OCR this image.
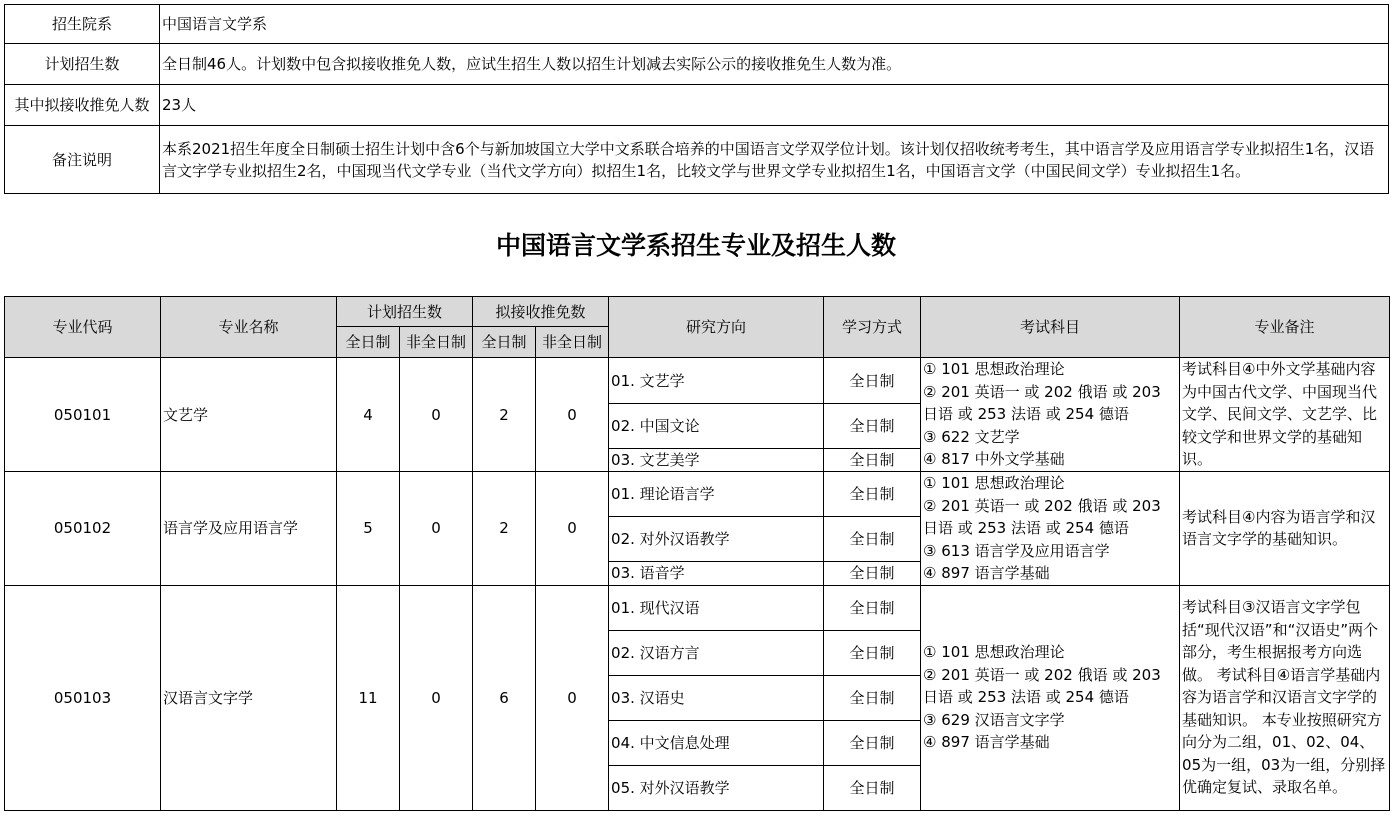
招生院系	中国语言文学系
计划招生数	全日制46人。计划数中包含拟接收推免人数，应试生招生人数以招生计划减去实际公示的接收推免生人数为准。
其中拟接收推免人数	23人
备注说明	本系2021招生年度全日制硕士招生计划中含6个与新加坡国立大学中文系联合培养的中国语言文学双学位计划。该计划仅招收统考考生，其中语言学及应用语言学专业拟招生1名，汉语言文字学专业拟招生2名，中国现当代文学专业（当代文学方向）拟招生1名，比较文学与世界文学专业拟招生1名，中国语言文学（中国民间文学）专业拟招生1名。
中国语言文学系招生专业及招生人数
专业代码	专业名称	计划招生数		拟接收推免数		研究方向	学习方式	考试科目	专业备注
		全日制	非全日制	全日制	非全日制				
050101	文艺学	4	0	2	0	01. 文艺学	全日制	① 101 思想政治理论
② 201 英语一 或 202 俄语 或 203
日语 或 253 法语 或 254 德语
③ 622 文艺学
④ 817 中外文学基础	考试科目④中外文学基础内容为中国古代文学、中国现当代文学、民间文学、文艺学、比较文学和世界文学的基础知识。

						02. 中国文论	全日制		
						03. 文艺美学	全日制		
050102	语言学及应用语言学	5	0	2	0	01. 理论语言学	全日制	① 101 思想政治理论
② 201 英语一 或 202 俄语 或 203
日语 或 253 法语 或 254 德语
③ 613 语言学及应用语言学
④ 897 语言学基础	考试科目④内容为语言学和汉语言文字学的基础知识。

						02. 对外汉语教学	全日制		
						03. 语音学	全日制		
050103	汉语言文字学	11	0	6	0	01. 现代汉语	全日制	① 101 思想政治理论
② 201 英语一 或 202 俄语 或 203
日语 或 253 法语 或 254 德语
③ 629 汉语言文字学
④ 897 语言学基础	考试科目③汉语言文字学包括“现代汉语”和“汉语史”两个部分，考生根据报考方向选做。 考试科目④语言学基础内容为语言学和汉语言文字学的基础知识。 本专业按照研究方向分为二组，01、02、04、05为一组，03为一组，分别择优确定复试、录取名单。

						02. 汉语方言	全日制		
						03. 汉语史	全日制		
						04. 中文信息处理	全日制		
						05. 对外汉语教学	全日制		
